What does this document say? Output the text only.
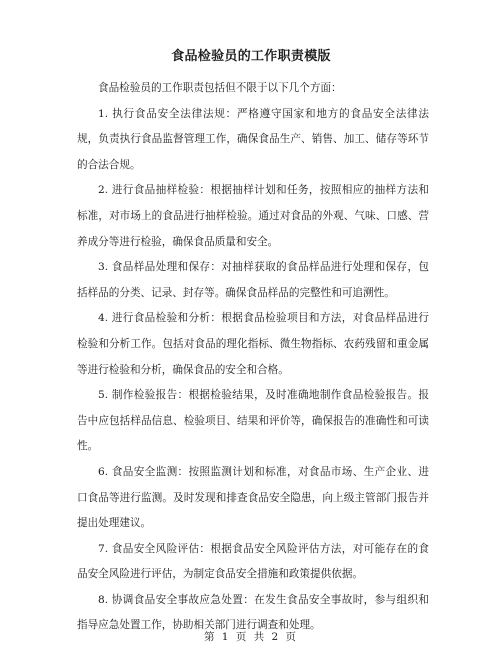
食品检验员的工作职责模版

食品检验员的工作职责包括但不限于以下几个方面：

1. 执行食品安全法律法规：严格遵守国家和地方的食品安全法律法规，负责执行食品监督管理工作，确保食品生产、销售、加工、储存等环节的合法合规。

2. 进行食品抽样检验：根据抽样计划和任务，按照相应的抽样方法和标准，对市场上的食品进行抽样检验。通过对食品的外观、气味、口感、营养成分等进行检验，确保食品质量和安全。

3. 食品样品处理和保存：对抽样获取的食品样品进行处理和保存，包括样品的分类、记录、封存等。确保食品样品的完整性和可追溯性。

4. 进行食品检验和分析：根据食品检验项目和方法，对食品样品进行检验和分析工作。包括对食品的理化指标、微生物指标、农药残留和重金属等进行检验和分析，确保食品的安全和合格。

5. 制作检验报告：根据检验结果，及时准确地制作食品检验报告。报告中应包括样品信息、检验项目、结果和评价等，确保报告的准确性和可读性。

6. 食品安全监测：按照监测计划和标准，对食品市场、生产企业、进口食品等进行监测。及时发现和排查食品安全隐患，向上级主管部门报告并提出处理建议。

7. 食品安全风险评估：根据食品安全风险评估方法，对可能存在的食品安全风险进行评估，为制定食品安全措施和政策提供依据。

8. 协调食品安全事故应急处置：在发生食品安全事故时，参与组织和指导应急处置工作，协助相关部门进行调查和处理。

第 1 页 共 2 页
